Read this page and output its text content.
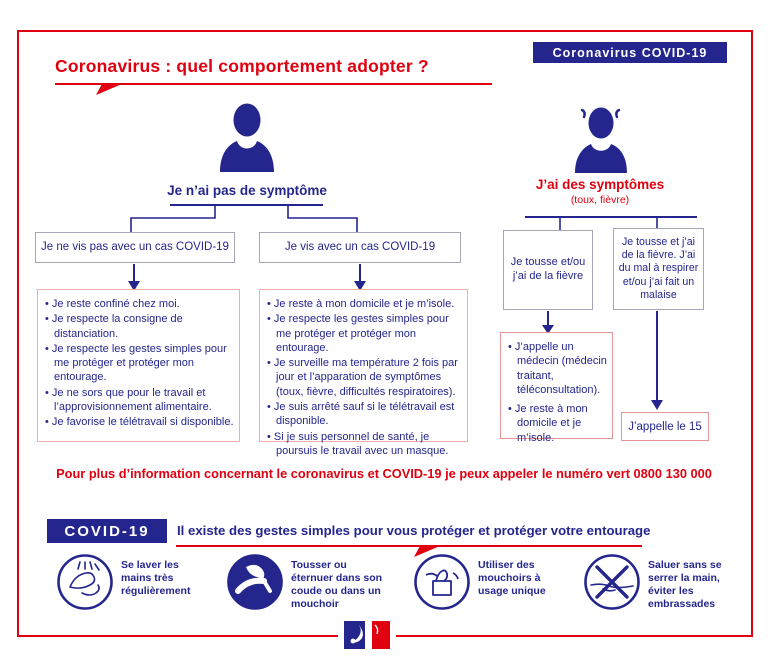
Coronavirus : quel comportement adopter ?
Coronavirus COVID-19
Je n’ai pas de symptôme	J’ai des symptômes
(toux, fièvre)
Je ne vis pas avec un cas COVID-19	Je vis avec un cas COVID-19

• Je reste confiné chez moi.

• Je respecte la consigne de distanciation.

• Je respecte les gestes simples pour me protéger et protéger mon entourage.

• Je ne sors que pour le travail et l’approvisionnement alimentaire.

• Je favorise le télétravail si disponible.

• Je reste à mon domicile et je m’isole.

• Je respecte les gestes simples pour me protéger et protéger mon entourage.

• Je surveille ma température 2 fois par jour et l’apparation de symptômes (toux, fièvre, difficultés respiratoires).

• Je suis arrêté sauf si le télétravail est disponible.

• Si je suis personnel de santé, je poursuis le travail avec un masque.

Je tousse et/ou j’ai de la fièvre
Je tousse et j’ai de la fièvre. J’ai du mal à respirer et/ou j’ai fait un malaise

• J’appelle un médecin (médecin traitant, téléconsultation).

• Je reste à mon domicile et je m’isole.

J’appelle le 15
Pour plus d’information concernant le coronavirus et COVID-19 je peux appeler le numéro vert 0800 130 000
COVID-19	Il existe des gestes simples pour vous protéger et protéger votre entourage
Se laver les mains très régulièrement
Tousser ou éternuer dans son coude ou dans un mouchoir
Utiliser des mouchoirs à usage unique
Saluer sans se serrer la main, éviter les embrassades
